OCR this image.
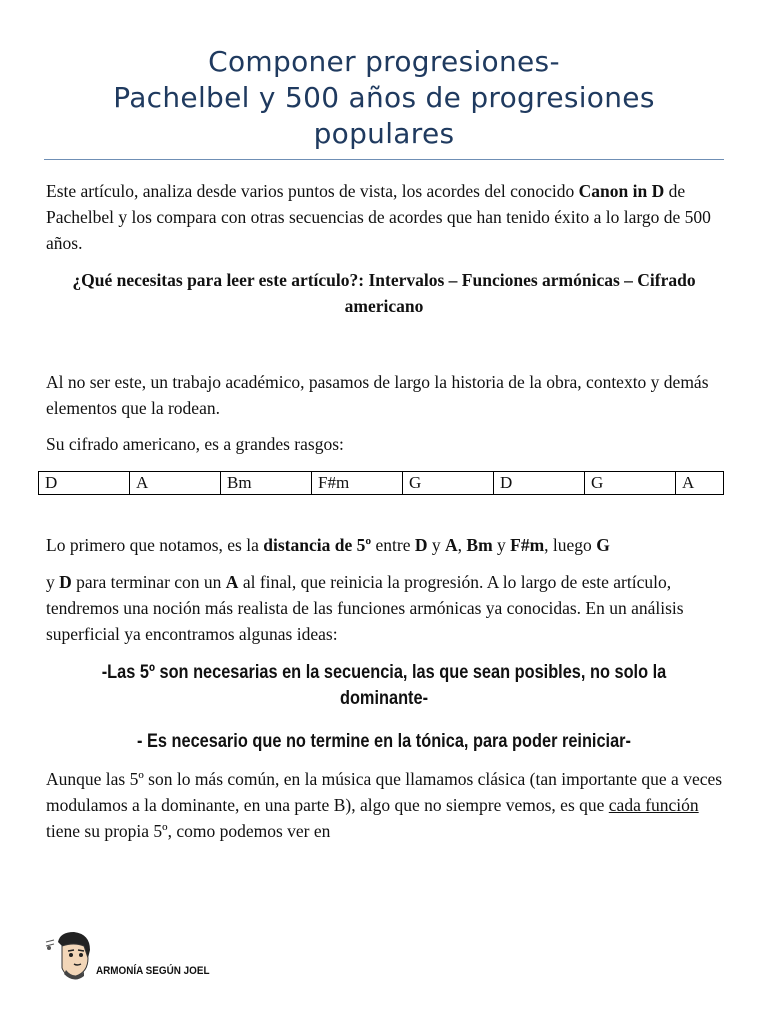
Componer progresiones-
Pachelbel y 500 años de progresiones
populares
Este artículo, analiza desde varios puntos de vista, los acordes del conocido Canon in D de Pachelbel y los compara con otras secuencias de acordes que han tenido éxito a lo largo de 500 años.
¿Qué necesitas para leer este artículo?: Intervalos – Funciones armónicas – Cifrado americano
Al no ser este, un trabajo académico, pasamos de largo la historia de la obra, contexto y demás elementos que la rodean.
Su cifrado americano, es a grandes rasgos:
D	A	Bm	F#m	G	D	G	A
Lo primero que notamos, es la distancia de 5º entre D y A, Bm y F#m, luego G
y D para terminar con un A al final, que reinicia la progresión. A lo largo de este artículo, tendremos una noción más realista de las funciones armónicas ya conocidas. En un análisis superficial ya encontramos algunas ideas:
-Las 5º son necesarias en la secuencia, las que sean posibles, no solo la
dominante-
- Es necesario que no termine en la tónica, para poder reiniciar-
Aunque las 5º son lo más común, en la música que llamamos clásica (tan importante que a veces modulamos a la dominante, en una parte B), algo que no siempre vemos, es que cada función tiene su propia 5º, como podemos ver en
ARMONÍA SEGÚN JOEL
